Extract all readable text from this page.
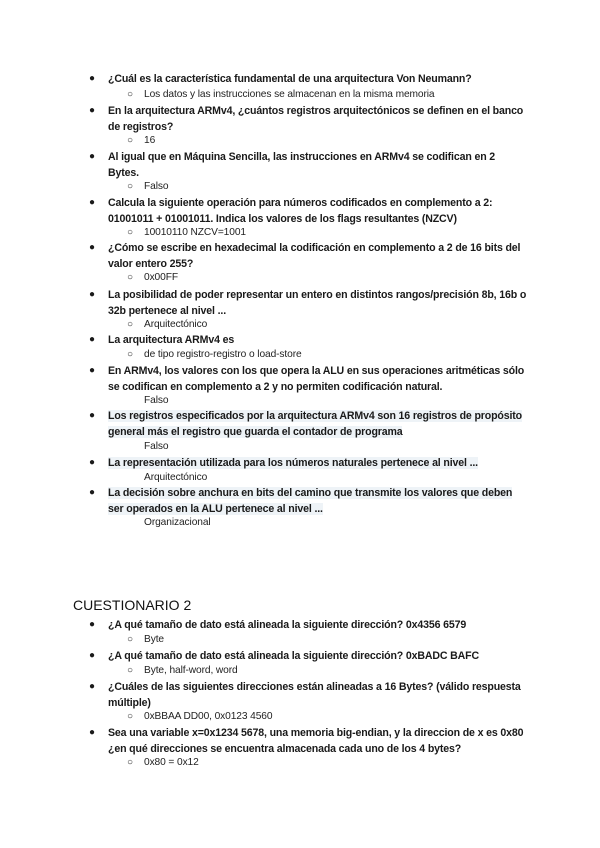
●	¿Cuál es la característica fundamental de una arquitectura Von Neumann?
○ Los datos y las instrucciones se almacenan en la misma memoria
●	En la arquitectura ARMv4, ¿cuántos registros arquitectónicos se definen en el banco de registros?
○ 16
●	Al igual que en Máquina Sencilla, las instrucciones en ARMv4 se codifican en 2 Bytes.
○ Falso
●	Calcula la siguiente operación para números codificados en complemento a 2: 01001011 + 01001011. Indica los valores de los flags resultantes (NZCV)
○ 10010110 NZCV=1001
●	¿Cómo se escribe en hexadecimal la codificación en complemento a 2 de 16 bits del valor entero 255?
○ 0x00FF
●	La posibilidad de poder representar un entero en distintos rangos/precisión 8b, 16b o 32b pertenece al nivel ...
○ Arquitectónico
●	La arquitectura ARMv4 es
○ de tipo registro-registro o load-store
●	En ARMv4, los valores con los que opera la ALU en sus operaciones aritméticas sólo se codifican en complemento a 2 y no permiten codificación natural.
Falso
●	Los registros especificados por la arquitectura ARMv4 son 16 registros de propósito general más el registro que guarda el contador de programa
Falso
●	La representación utilizada para los números naturales pertenece al nivel ...
Arquitectónico
●	La decisión sobre anchura en bits del camino que transmite los valores que deben ser operados en la ALU pertenece al nivel ...
Organizacional
CUESTIONARIO 2
●	¿A qué tamaño de dato está alineada la siguiente dirección? 0x4356 6579
○ Byte
●	¿A qué tamaño de dato está alineada la siguiente dirección? 0xBADC BAFC
○ Byte, half-word, word
●	¿Cuáles de las siguientes direcciones están alineadas a 16 Bytes? (válido respuesta múltiple)
○ 0xBBAA DD00, 0x0123 4560
●	Sea una variable x=0x1234 5678, una memoria big-endian, y la direccion de x es 0x80 ¿en qué direcciones se encuentra almacenada cada uno de los 4 bytes?
○ 0x80 = 0x12
